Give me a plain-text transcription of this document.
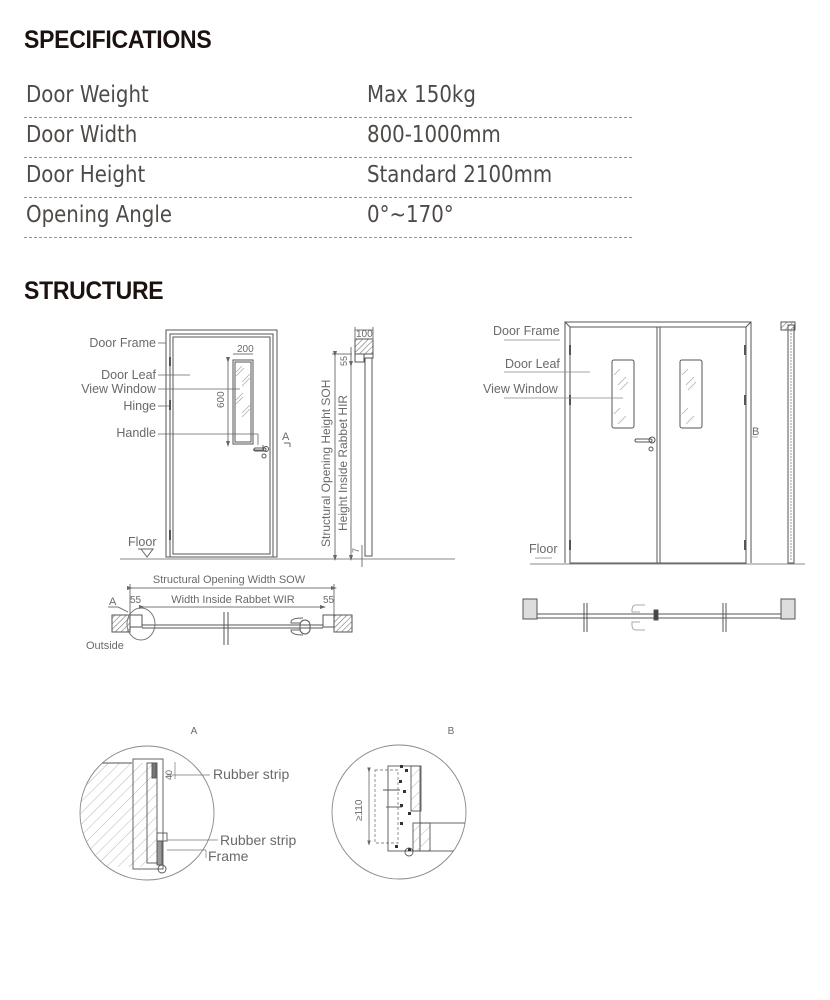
SPECIFICATIONS
Door Weight	Max 150kg
Door Width	800-1000mm
Door Height	Standard 2100mm
Opening Angle	0°~170°
STRUCTURE
Door Frame
Door Leaf
View Window
Hinge
Handle
Floor
A
200
600
100
55
7
Structural Opening Height SOH Height Inside Rabbet HIR
Structural Opening Width SOW
Width Inside Rabbet WIR
55	55
A
Outside
Door Frame
Door Leaf
View Window
Floor
B
A
Rubber strip
Rubber strip
Frame
40
B
≥110
